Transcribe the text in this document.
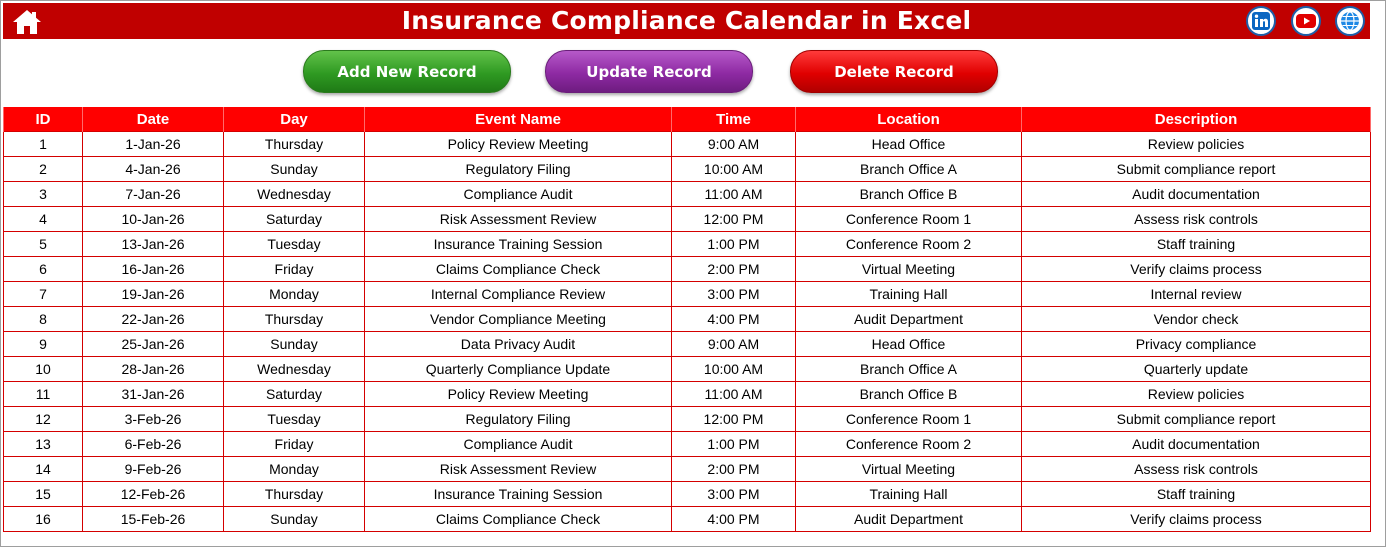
Insurance Compliance Calendar in Excel
Add New Record	Update Record	Delete Record
ID	Date	Day	Event Name	Time	Location	Description
1	1-Jan-26	Thursday	Policy Review Meeting	9:00 AM	Head Office	Review policies
2	4-Jan-26	Sunday	Regulatory Filing	10:00 AM	Branch Office A	Submit compliance report
3	7-Jan-26	Wednesday	Compliance Audit	11:00 AM	Branch Office B	Audit documentation
4	10-Jan-26	Saturday	Risk Assessment Review	12:00 PM	Conference Room 1	Assess risk controls
5	13-Jan-26	Tuesday	Insurance Training Session	1:00 PM	Conference Room 2	Staff training
6	16-Jan-26	Friday	Claims Compliance Check	2:00 PM	Virtual Meeting	Verify claims process
7	19-Jan-26	Monday	Internal Compliance Review	3:00 PM	Training Hall	Internal review
8	22-Jan-26	Thursday	Vendor Compliance Meeting	4:00 PM	Audit Department	Vendor check
9	25-Jan-26	Sunday	Data Privacy Audit	9:00 AM	Head Office	Privacy compliance
10	28-Jan-26	Wednesday	Quarterly Compliance Update	10:00 AM	Branch Office A	Quarterly update
11	31-Jan-26	Saturday	Policy Review Meeting	11:00 AM	Branch Office B	Review policies
12	3-Feb-26	Tuesday	Regulatory Filing	12:00 PM	Conference Room 1	Submit compliance report
13	6-Feb-26	Friday	Compliance Audit	1:00 PM	Conference Room 2	Audit documentation
14	9-Feb-26	Monday	Risk Assessment Review	2:00 PM	Virtual Meeting	Assess risk controls
15	12-Feb-26	Thursday	Insurance Training Session	3:00 PM	Training Hall	Staff training
16	15-Feb-26	Sunday	Claims Compliance Check	4:00 PM	Audit Department	Verify claims process
